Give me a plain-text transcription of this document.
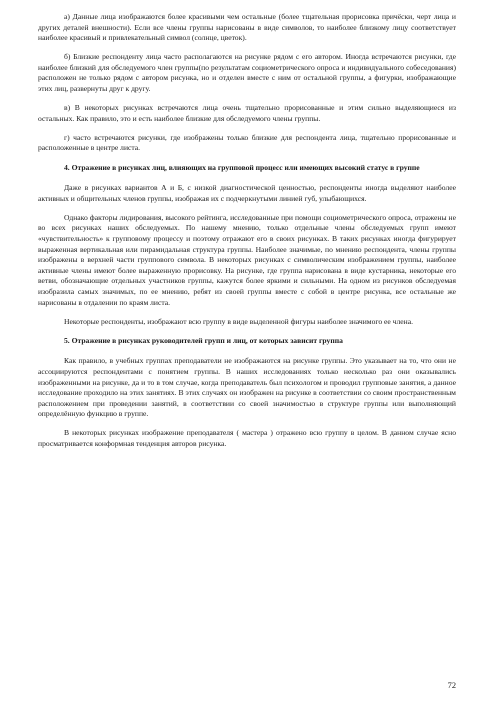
а) Данные лица изображаются более красивыми чем остальные (более тщательная прорисовка причёски, черт лица и других деталей внешности). Если все члены группы нарисованы в виде символов, то наиболее близкому лицу соответствует наиболее красивый и привлекательный символ (солнце, цветок).

б) Близкие респонденту лица часто располагаются на рисунке рядом с его автором. Иногда встречаются рисунки, где наиболее близкий для обследуемого член группы(по результатам социометрического опроса и индивидуального собеседования) расположен не только рядом с автором рисунка, но и отделен вместе с ним от остальной группы, а фигурки, изображающие этих лиц, развернуты друг к другу.

в) В некоторых рисунках встречаются лица очень тщательно прорисованные и этим сильно выделяющиеся из остальных. Как правило, это и есть наиболее близкие для обследуемого члены группы.

г) часто встречаются рисунки, где изображены только близкие для респондента лица, тщательно прорисованные и расположенные в центре листа.

4. Отражение в рисунках лиц, влияющих на групповой процесс или имеющих высокий статус в группе

Даже в рисунках вариантов А и Б, с низкой диагностической ценностью, респонденты иногда выделяют наиболее активных и общительных членов группы, изображая их с подчеркнутыми линией губ, улыбающихся.

Однако факторы лидирования, высокого рейтинга, исследованные при помощи социометрического опроса, отражены не во всех рисунках наших обследуемых. По нашему мнению, только отдельные члены обследуемых групп имеют «чувствительность» к групповому процессу и поэтому отражают его в своих рисунках. В таких рисунках иногда фигурирует выраженная вертикальная или пирамидальная структура группы. Наиболее значимые, по мнению респондента, члены группы изображены в верхней части группового символа. В некоторых рисунках с символическим изображением группы, наиболее активные члены имеют более выраженную прорисовку. На рисунке, где группа нарисована в виде кустарника, некоторые его ветви, обозначающие отдельных участников группы, кажутся более яркими и сильными. На одном из рисунков обследуемая изобразила самых значимых, по ее мнению, ребят из своей группы вместе с собой в центре рисунка, все остальные же нарисованы в отдалении по краям листа.

Некоторые респонденты, изображают всю группу в виде выделенной фигуры наиболее значимого ее члена.

5. Отражение в рисунках руководителей групп и лиц, от которых зависит группа

Как правило, в учебных группах преподаватели не изображаются на рисунке группы. Это указывает на то, что они не ассоциируются респондентами с понятием группы. В наших исследованиях только несколько раз они оказывались изображенными на рисунке, да и то в том случае, когда преподаватель был психологом и проводил групповые занятия, а данное исследование проходило на этих занятиях. В этих случаях он изображен на рисунке в соответствии со своим пространственным расположением при проведении занятий, в соответствии со своей значимостью в структуре группы или выполняющий определённую функцию в группе.

В некоторых рисунках изображение преподавателя ( мастера ) отражено всю группу в целом. В данном случае ясно просматривается конформная тенденция авторов рисунка.

72
